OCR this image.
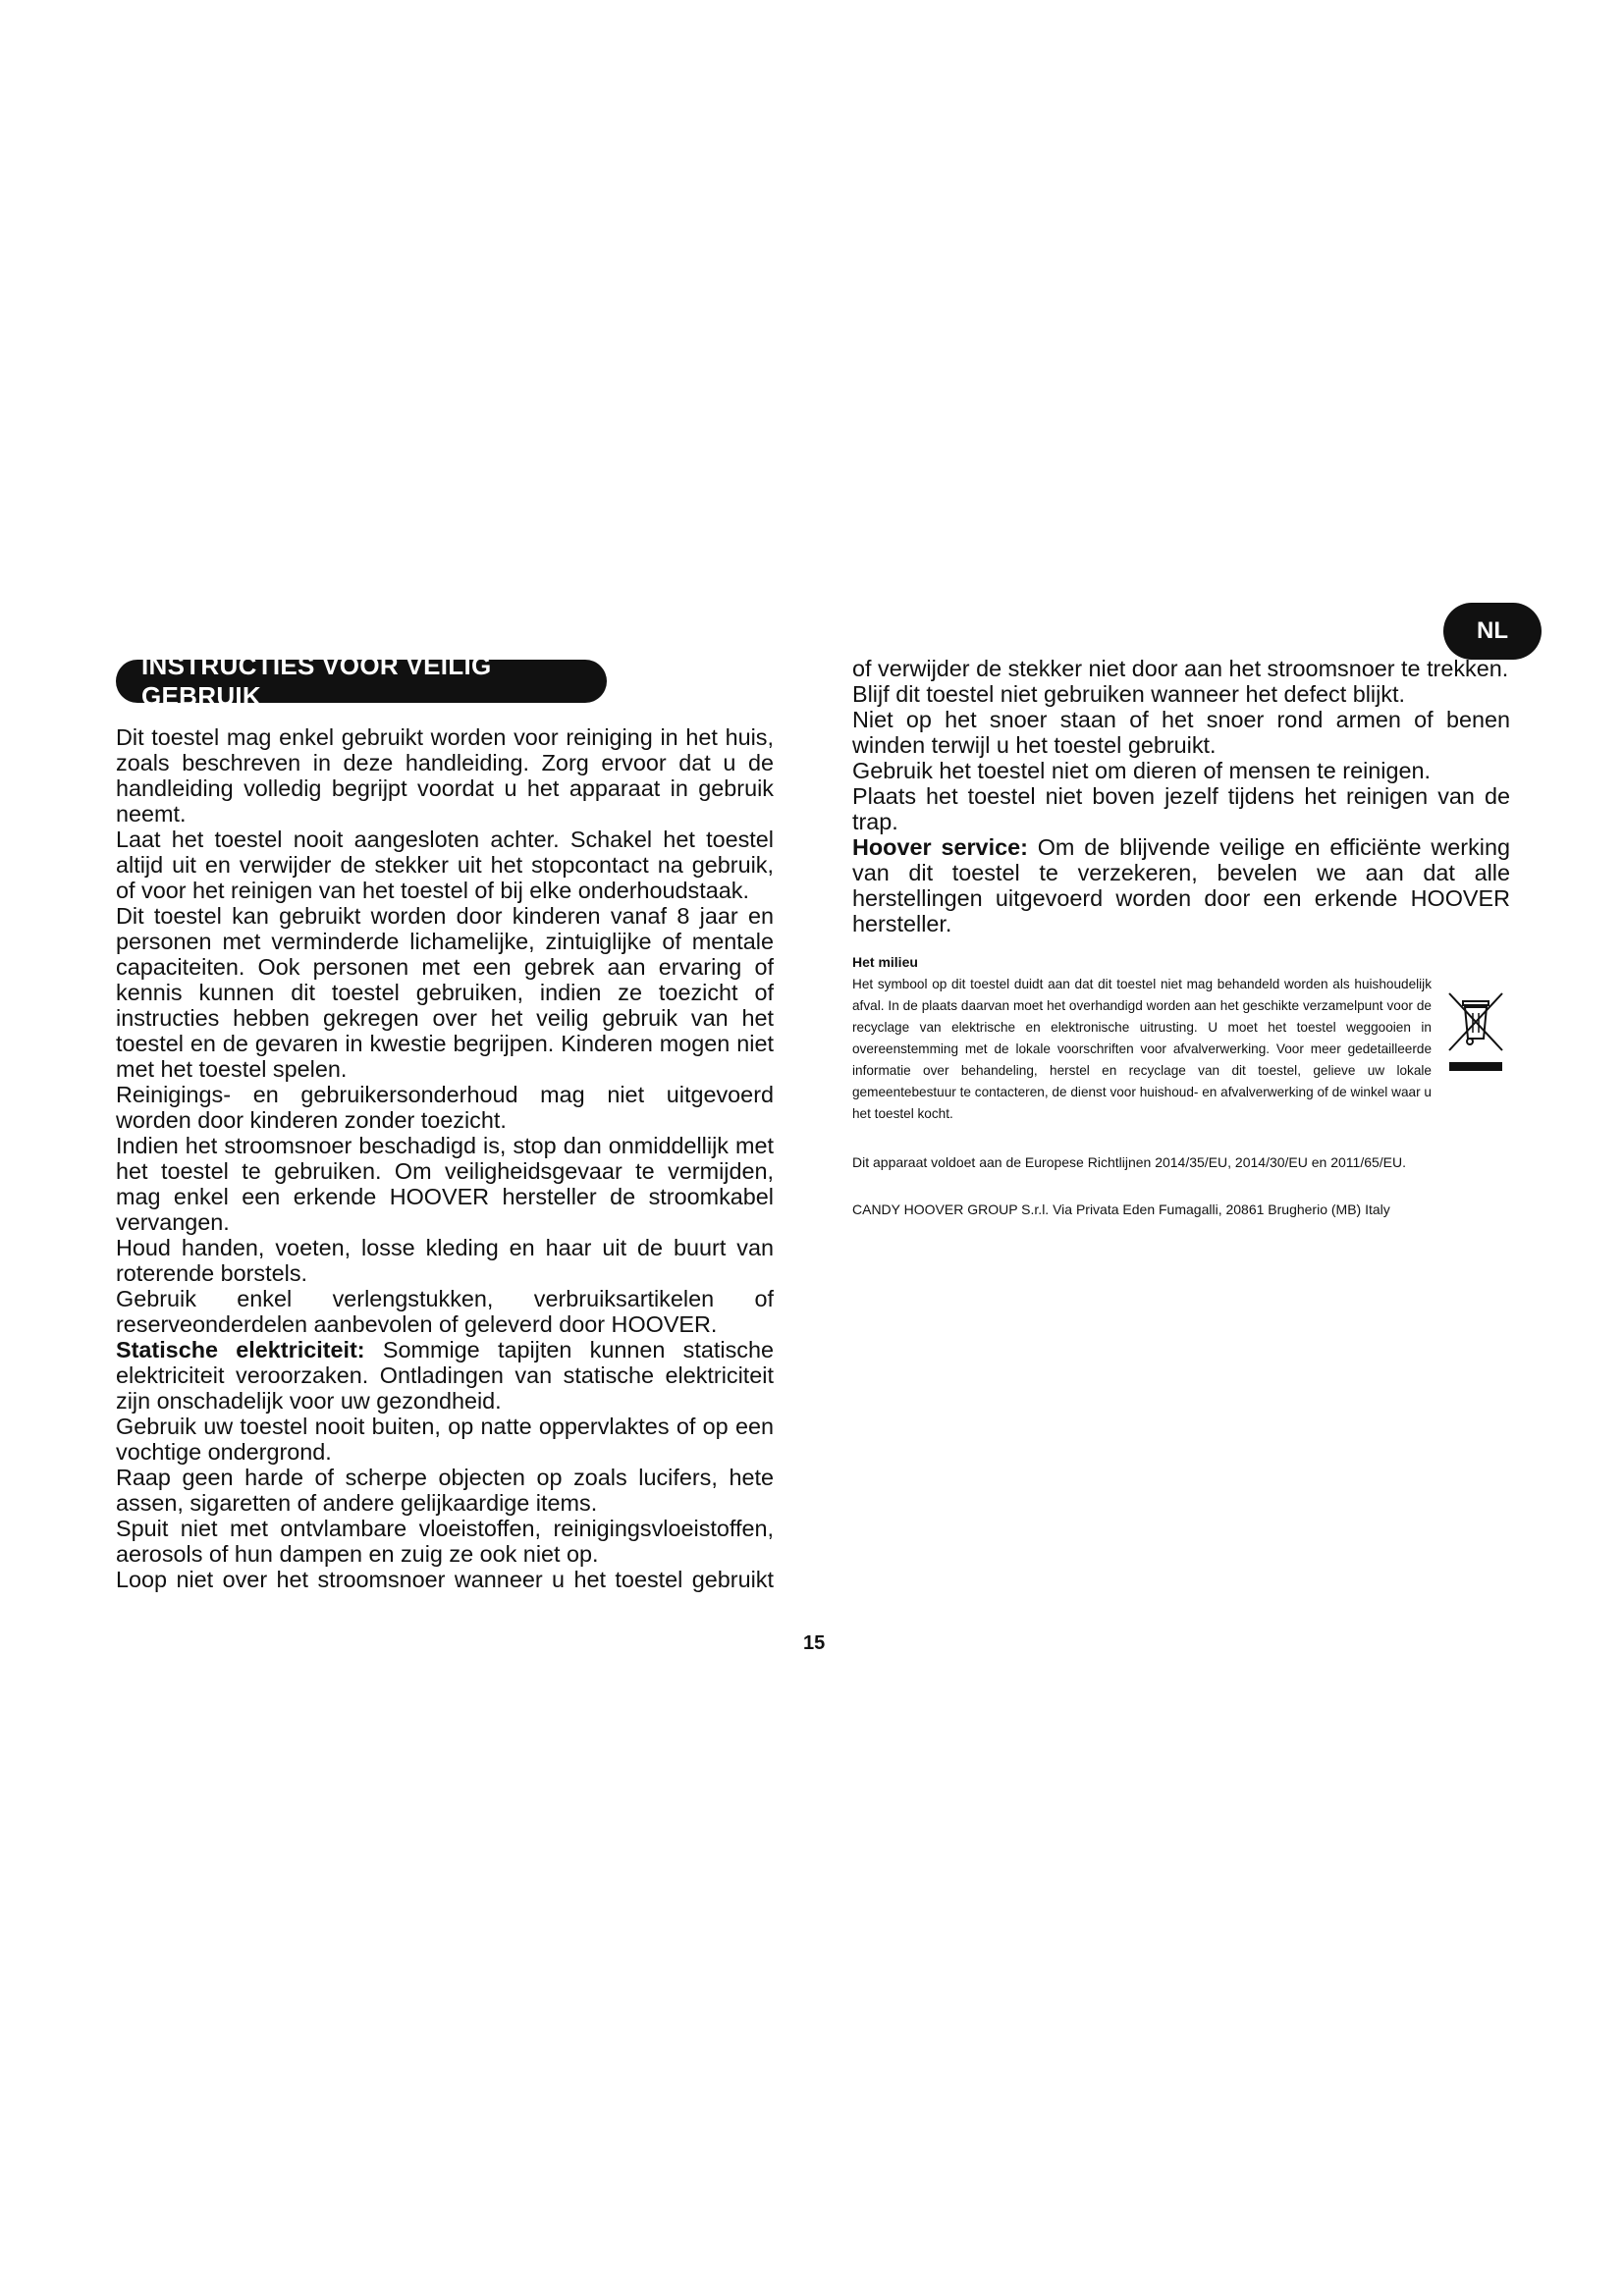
NL
INSTRUCTIES VOOR VEILIG GEBRUIK

Dit toestel mag enkel gebruikt worden voor reiniging in het huis, zoals beschreven in deze handleiding. Zorg ervoor dat u de handleiding volledig begrijpt voordat u het apparaat in gebruik neemt.

Laat het toestel nooit aangesloten achter. Schakel het toestel altijd uit en verwijder de stekker uit het stopcontact na gebruik, of voor het reinigen van het toestel of bij elke onderhoudstaak.

Dit toestel kan gebruikt worden door kinderen vanaf 8 jaar en personen met verminderde lichamelijke, zintuiglijke of mentale capaciteiten. Ook personen met een gebrek aan ervaring of kennis kunnen dit toestel gebruiken, indien ze toezicht of instructies hebben gekregen over het veilig gebruik van het toestel en de gevaren in kwestie begrijpen. Kinderen mogen niet met het toestel spelen.

Reinigings- en gebruikersonderhoud mag niet uitgevoerd worden door kinderen zonder toezicht.

Indien het stroomsnoer beschadigd is, stop dan onmiddellijk met het toestel te gebruiken. Om veiligheidsgevaar te vermijden, mag enkel een erkende HOOVER hersteller de stroomkabel vervangen.

Houd handen, voeten, losse kleding en haar uit de buurt van roterende borstels.

Gebruik enkel verlengstukken, verbruiksartikelen of reserveonderdelen aanbevolen of geleverd door HOOVER.

Statische elektriciteit: Sommige tapijten kunnen statische elektriciteit veroorzaken. Ontladingen van statische elektriciteit zijn onschadelijk voor uw gezondheid.

Gebruik uw toestel nooit buiten, op natte oppervlaktes of op een vochtige ondergrond.

Raap geen harde of scherpe objecten op zoals lucifers, hete assen, sigaretten of andere gelijkaardige items.

Spuit niet met ontvlambare vloeistoffen, reinigingsvloeistoffen, aerosols of hun dampen en zuig ze ook niet op.

Loop niet over het stroomsnoer wanneer u het toestel gebruikt

of verwijder de stekker niet door aan het stroomsnoer te trekken.

Blijf dit toestel niet gebruiken wanneer het defect blijkt.

Niet op het snoer staan of het snoer rond armen of benen winden terwijl u het toestel gebruikt.

Gebruik het toestel niet om dieren of mensen te reinigen.

Plaats het toestel niet boven jezelf tijdens het reinigen van de trap.

Hoover service: Om de blijvende veilige en efficiënte werking van dit toestel te verzekeren, bevelen we aan dat alle herstellingen uitgevoerd worden door een erkende HOOVER hersteller.

Het milieu

Het symbool op dit toestel duidt aan dat dit toestel niet mag behandeld worden als huishoudelijk afval. In de plaats daarvan moet het overhandigd worden aan het geschikte verzamelpunt voor de recyclage van elektrische en elektronische uitrusting. U moet het toestel weggooien in overeenstemming met de lokale voorschriften voor afvalverwerking. Voor meer gedetailleerde informatie over behandeling, herstel en recyclage van dit toestel, gelieve uw lokale gemeentebestuur te contacteren, de dienst voor huishoud- en afvalverwerking of de winkel waar u het toestel kocht.

Dit apparaat voldoet aan de Europese Richtlijnen 2014/35/EU, 2014/30/EU en 2011/65/EU.

CANDY HOOVER GROUP S.r.l. Via Privata Eden Fumagalli, 20861 Brugherio (MB) Italy

15
